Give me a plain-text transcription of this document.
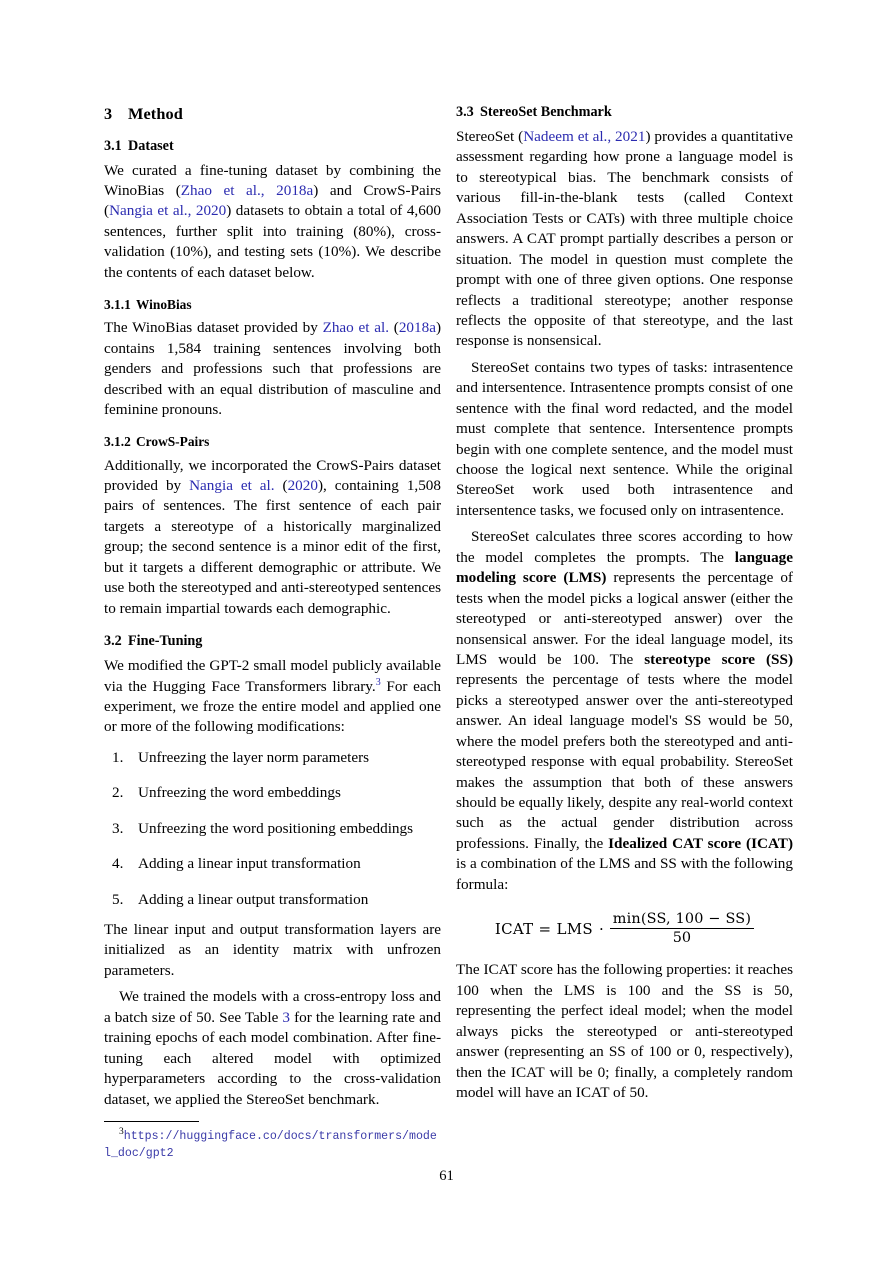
3 Method
3.1 Dataset

We curated a fine-tuning dataset by combining the WinoBias (Zhao et al., 2018a) and CrowS-Pairs (Nangia et al., 2020) datasets to obtain a total of 4,600 sentences, further split into training (80%), cross-validation (10%), and testing sets (10%). We describe the contents of each dataset below.

3.1.1 WinoBias

The WinoBias dataset provided by Zhao et al. (2018a) contains 1,584 training sentences involving both genders and professions such that professions are described with an equal distribution of masculine and feminine pronouns.

3.1.2 CrowS-Pairs

Additionally, we incorporated the CrowS-Pairs dataset provided by Nangia et al. (2020), containing 1,508 pairs of sentences. The first sentence of each pair targets a stereotype of a historically marginalized group; the second sentence is a minor edit of the first, but it targets a different demographic or attribute. We use both the stereotyped and anti-stereotyped sentences to remain impartial towards each demographic.

3.2 Fine-Tuning

We modified the GPT-2 small model publicly available via the Hugging Face Transformers library.$^3$ For each experiment, we froze the entire model and applied one or more of the following modifications:

Unfreezing the layer norm parameters
Unfreezing the word embeddings
Unfreezing the word positioning embeddings
Adding a linear input transformation
Adding a linear output transformation

The linear input and output transformation layers are initialized as an identity matrix with unfrozen parameters.

We trained the models with a cross-entropy loss and a batch size of 50. See Table 3 for the learning rate and training epochs of each model combination. After fine-tuning each altered model with optimized hyperparameters according to the cross-validation dataset, we applied the StereoSet benchmark.

$^3$https://huggingface.co/docs/transformers/model_doc/gpt2
3.3 StereoSet Benchmark

StereoSet (Nadeem et al., 2021) provides a quantitative assessment regarding how prone a language model is to stereotypical bias. The benchmark consists of various fill-in-the-blank tests (called Context Association Tests or CATs) with three multiple choice answers. A CAT prompt partially describes a person or situation. The model in question must complete the prompt with one of three given options. One response reflects a traditional stereotype; another response reflects the opposite of that stereotype, and the last response is nonsensical.

StereoSet contains two types of tasks: intrasentence and intersentence. Intrasentence prompts consist of one sentence with the final word redacted, and the model must complete that sentence. Intersentence prompts begin with one complete sentence, and the model must choose the logical next sentence. While the original StereoSet work used both intrasentence and intersentence tasks, we focused only on intrasentence.

StereoSet calculates three scores according to how the model completes the prompts. The language modeling score (LMS) represents the percentage of tests when the model picks a logical answer (either the stereotyped or anti-stereotyped answer) over the nonsensical answer. For the ideal language model, its LMS would be 100. The stereotype score (SS) represents the percentage of tests where the model picks a stereotyped answer over the anti-stereotyped answer. An ideal language model's SS would be 50, where the model prefers both the stereotyped and anti-stereotyped response with equal probability. StereoSet makes the assumption that both of these answers should be equally likely, despite any real-world context such as the actual gender distribution across professions. Finally, the Idealized CAT score (ICAT) is a combination of the LMS and SS with the following formula:

ICAT = LMS · $\frac{\min(SS, 100 - SS)}{50}$

The ICAT score has the following properties: it reaches 100 when the LMS is 100 and the SS is 50, representing the perfect ideal model; when the model always picks the stereotyped or anti-stereotyped answer (representing an SS of 100 or 0, respectively), then the ICAT will be 0; finally, a completely random model will have an ICAT of 50.

61
